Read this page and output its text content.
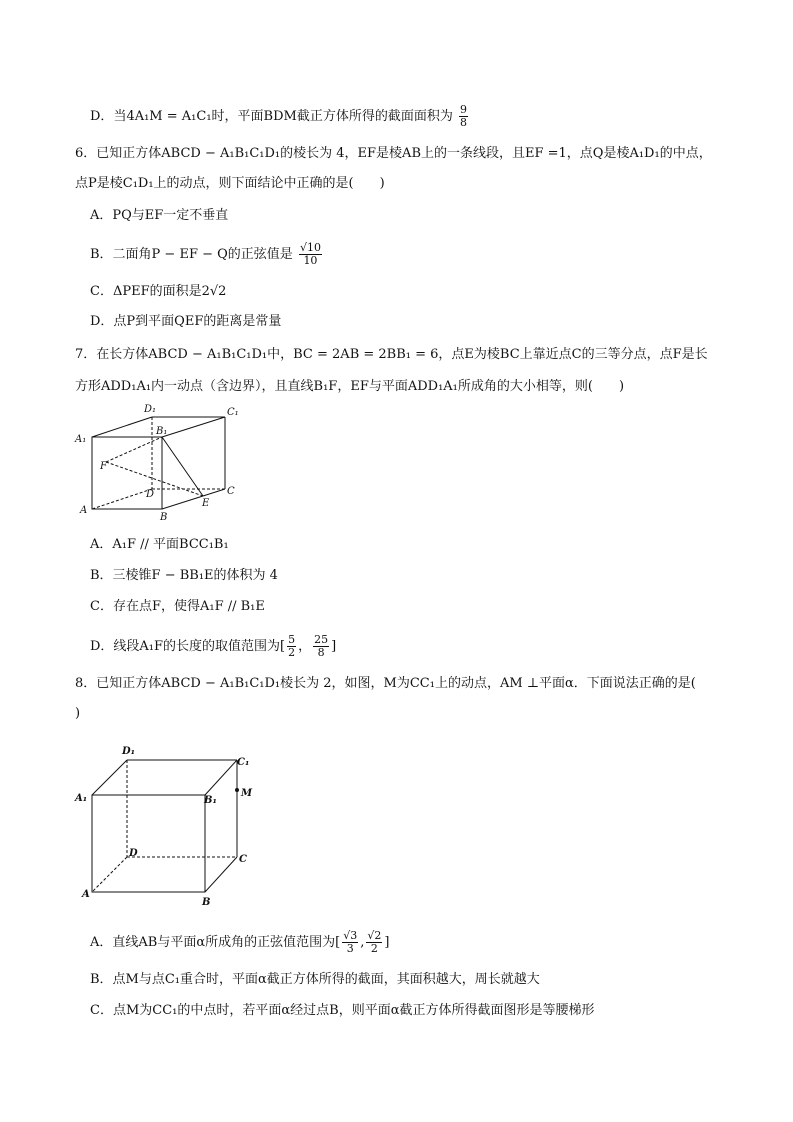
D．当4A₁M = A₁C₁时，平面BDM截正方体所得的截面面积为 $\frac{9}{8}$
6．已知正方体ABCD − A₁B₁C₁D₁的棱长为 4，EF是棱AB上的一条线段，且EF =1，点Q是棱A₁D₁的中点，
点P是棱C₁D₁上的动点，则下面结论中正确的是(　　)
A．PQ与EF一定不垂直
B．二面角P − EF − Q的正弦值是 $\frac{√10}{10}$
C．ΔPEF的面积是2√2
D．点P到平面QEF的距离是常量
7．在长方体ABCD − A₁B₁C₁D₁中，BC = 2AB = 2BB₁ = 6，点E为棱BC上靠近点C的三等分点，点F是长
方形ADD₁A₁内一动点（含边界），且直线B₁F，EF与平面ADD₁A₁所成角的大小相等，则(　　)
D₁	C₁
A₁
B₁
F
D	C
E
A
B
A．A₁F // 平面BCC₁B₁
B．三棱锥F − BB₁E的体积为 4
C．存在点F，使得A₁F // B₁E
D．线段A₁F的长度的取值范围为[ $\frac{5}{2}$ ， $\frac{25}{8}$ ]
8．已知正方体ABCD − A₁B₁C₁D₁棱长为 2，如图，M为CC₁上的动点，AM ⊥平面α．下面说法正确的是(
)
D₁
C₁
A₁	B₁
M
D
C
A
B
A．直线AB与平面α所成角的正弦值范围为[ $\frac{√3}{3}$ , $\frac{√2}{2}$ ]
B．点M与点C₁重合时，平面α截正方体所得的截面，其面积越大，周长就越大
C．点M为CC₁的中点时，若平面α经过点B，则平面α截正方体所得截面图形是等腰梯形
